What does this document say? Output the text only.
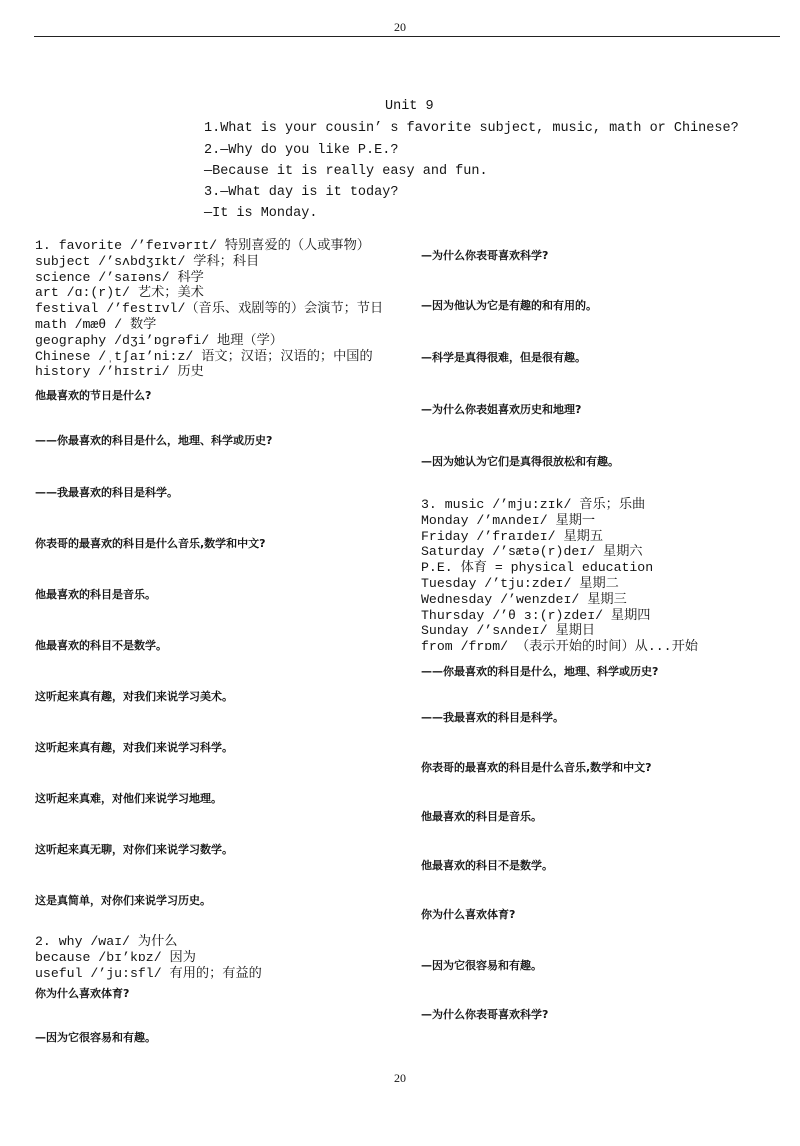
20
Unit 9
1.What is your cousin’ s favorite subject, music, math or Chinese?
2.—Why do you like P.E.?
—Because it is really easy and fun.
3.—What day is it today?
—It is Monday.
1. favorite /’feɪvərɪt/ 特别喜爱的（人或事物）
subject /’sʌbdʒɪkt/ 学科；科目
science /’saɪəns/ 科学
art /ɑ:(r)t/ 艺术；美术
festival /’festɪvl/（音乐、戏剧等的）会演节；节日
math /mæθ / 数学
geography /dʒi’ɒgrəfi/ 地理（学）
Chinese /ˌtʃaɪ’ni:z/ 语文；汉语；汉语的；中国的
history /’hɪstri/ 历史
他最喜欢的节日是什么?
——你最喜欢的科目是什么，地理、科学或历史?
——我最喜欢的科目是科学。
你表哥的最喜欢的科目是什么音乐,数学和中文?
他最喜欢的科目是音乐。
他最喜欢的科目不是数学。
这听起来真有趣，对我们来说学习美术。
这听起来真有趣，对我们来说学习科学。
这听起来真难，对他们来说学习地理。
这听起来真无聊，对你们来说学习数学。
这是真简单，对你们来说学习历史。
2. why /waɪ/ 为什么
because /bɪ’kɒz/ 因为
useful /’ju:sfl/ 有用的；有益的
你为什么喜欢体育?
—因为它很容易和有趣。
—为什么你表哥喜欢科学?
—因为他认为它是有趣的和有用的。
—科学是真得很难，但是很有趣。
—为什么你表姐喜欢历史和地理?
—因为她认为它们是真得很放松和有趣。
3. music /’mju:zɪk/ 音乐；乐曲
Monday /’mʌndeɪ/ 星期一
Friday /’fraɪdeɪ/ 星期五
Saturday /’sætə(r)deɪ/ 星期六
P.E. 体育 = physical education
Tuesday /’tju:zdeɪ/ 星期二
Wednesday /’wenzdeɪ/ 星期三
Thursday /’θ ɜ:(r)zdeɪ/ 星期四
Sunday /’sʌndeɪ/ 星期日
from /frɒm/ （表示开始的时间）从...开始
——你最喜欢的科目是什么，地理、科学或历史?
——我最喜欢的科目是科学。
你表哥的最喜欢的科目是什么音乐,数学和中文?
他最喜欢的科目是音乐。
他最喜欢的科目不是数学。
你为什么喜欢体育?
—因为它很容易和有趣。
—为什么你表哥喜欢科学?
20
